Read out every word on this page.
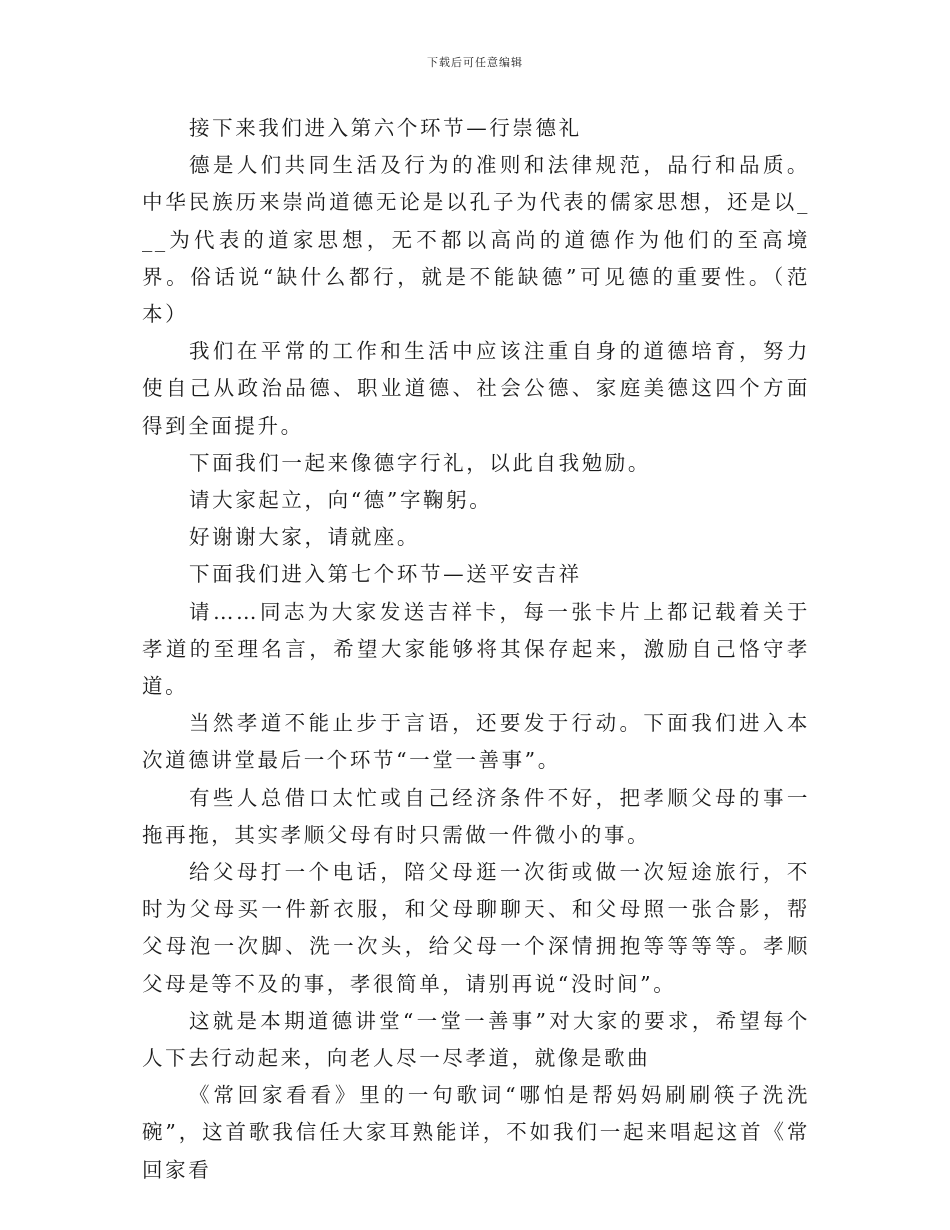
下载后可任意编辑

接下来我们进入第六个环节—行崇德礼

德是人们共同生活及行为的准则和法律规范，品行和品质。中华民族历来崇尚道德无论是以孔子为代表的儒家思想，还是以___为代表的道家思想，无不都以高尚的道德作为他们的至高境界。俗话说“缺什么都行，就是不能缺德”可见德的重要性。（范本）

我们在平常的工作和生活中应该注重自身的道德培育，努力使自己从政治品德、职业道德、社会公德、家庭美德这四个方面得到全面提升。

下面我们一起来像德字行礼，以此自我勉励。

请大家起立，向“德”字鞠躬。

好谢谢大家，请就座。

下面我们进入第七个环节—送平安吉祥

请……同志为大家发送吉祥卡，每一张卡片上都记载着关于孝道的至理名言，希望大家能够将其保存起来，激励自己恪守孝道。

当然孝道不能止步于言语，还要发于行动。下面我们进入本次道德讲堂最后一个环节“一堂一善事”。

有些人总借口太忙或自己经济条件不好，把孝顺父母的事一拖再拖，其实孝顺父母有时只需做一件微小的事。

给父母打一个电话，陪父母逛一次街或做一次短途旅行，不时为父母买一件新衣服，和父母聊聊天、和父母照一张合影，帮父母泡一次脚、洗一次头，给父母一个深情拥抱等等等等。孝顺父母是等不及的事，孝很简单，请别再说“没时间”。

这就是本期道德讲堂“一堂一善事”对大家的要求，希望每个人下去行动起来，向老人尽一尽孝道，就像是歌曲

《常回家看看》里的一句歌词“哪怕是帮妈妈刷刷筷子洗洗碗”，这首歌我信任大家耳熟能详，不如我们一起来唱起这首《常回家看
